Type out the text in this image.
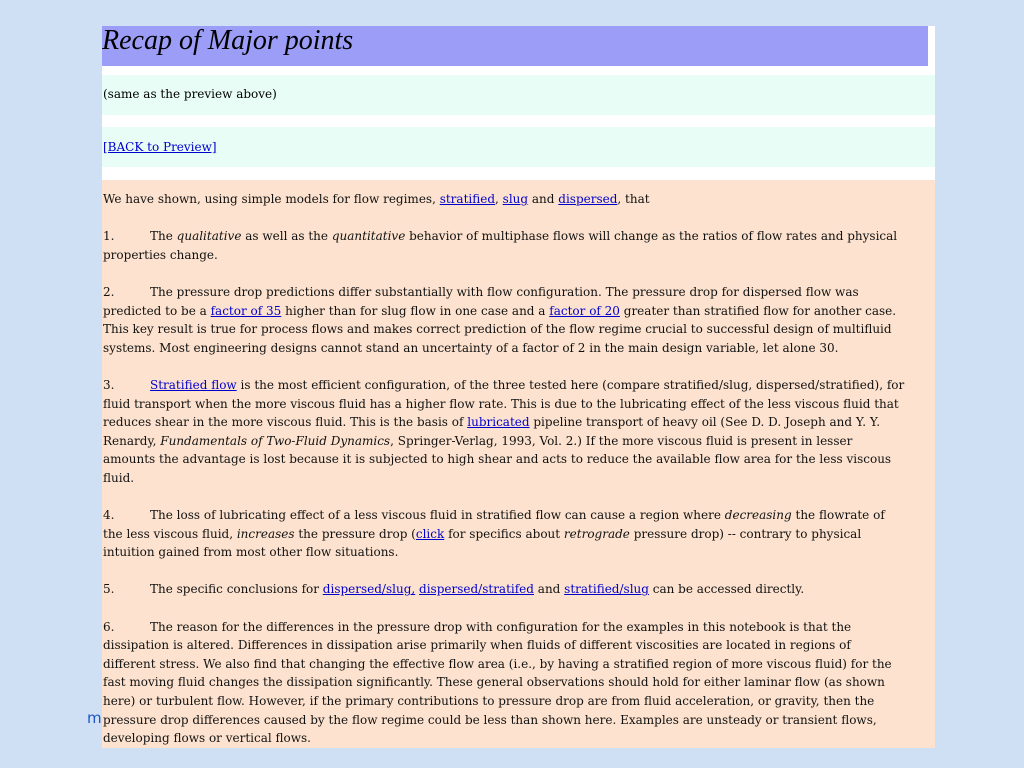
Recap of Major points
(same as the preview above)
[BACK to Preview]
We have shown, using simple models for flow regimes, stratified, slug and dispersed, that
1.	The qualitative as well as the quantitative behavior of multiphase flows will change as the ratios of flow rates and physical
properties change.
2.	The pressure drop predictions differ substantially with flow configuration. The pressure drop for dispersed flow was
predicted to be a factor of 35 higher than for slug flow in one case and a factor of 20 greater than stratified flow for another case.
This key result is true for process flows and makes correct prediction of the flow regime crucial to successful design of multifluid
systems. Most engineering designs cannot stand an uncertainty of a factor of 2 in the main design variable, let alone 30.
3.	Stratified flow is the most efficient configuration, of the three tested here (compare stratified/slug, dispersed/stratified), for
fluid transport when the more viscous fluid has a higher flow rate. This is due to the lubricating effect of the less viscous fluid that
reduces shear in the more viscous fluid. This is the basis of lubricated pipeline transport of heavy oil (See D. D. Joseph and Y. Y.
Renardy, Fundamentals of Two-Fluid Dynamics, Springer-Verlag, 1993, Vol. 2.) If the more viscous fluid is present in lesser
amounts the advantage is lost because it is subjected to high shear and acts to reduce the available flow area for the less viscous
fluid.
4.	The loss of lubricating effect of a less viscous fluid in stratified flow can cause a region where decreasing the flowrate of
the less viscous fluid, increases the pressure drop (click for specifics about retrograde pressure drop) -- contrary to physical
intuition gained from most other flow situations.
5.	The specific conclusions for dispersed/slug, dispersed/stratifed and stratified/slug can be accessed directly.
6.	The reason for the differences in the pressure drop with configuration for the examples in this notebook is that the
dissipation is altered. Differences in dissipation arise primarily when fluids of different viscosities are located in regions of
different stress. We also find that changing the effective flow area (i.e., by having a stratified region of more viscous fluid) for the
fast moving fluid changes the dissipation significantly. These general observations should hold for either laminar flow (as shown
here) or turbulent flow. However, if the primary contributions to pressure drop are from fluid acceleration, or gravity, then the
pressure drop differences caused by the flow regime could be less than shown here. Examples are unsteady or transient flows,
developing flows or vertical flows.
m
